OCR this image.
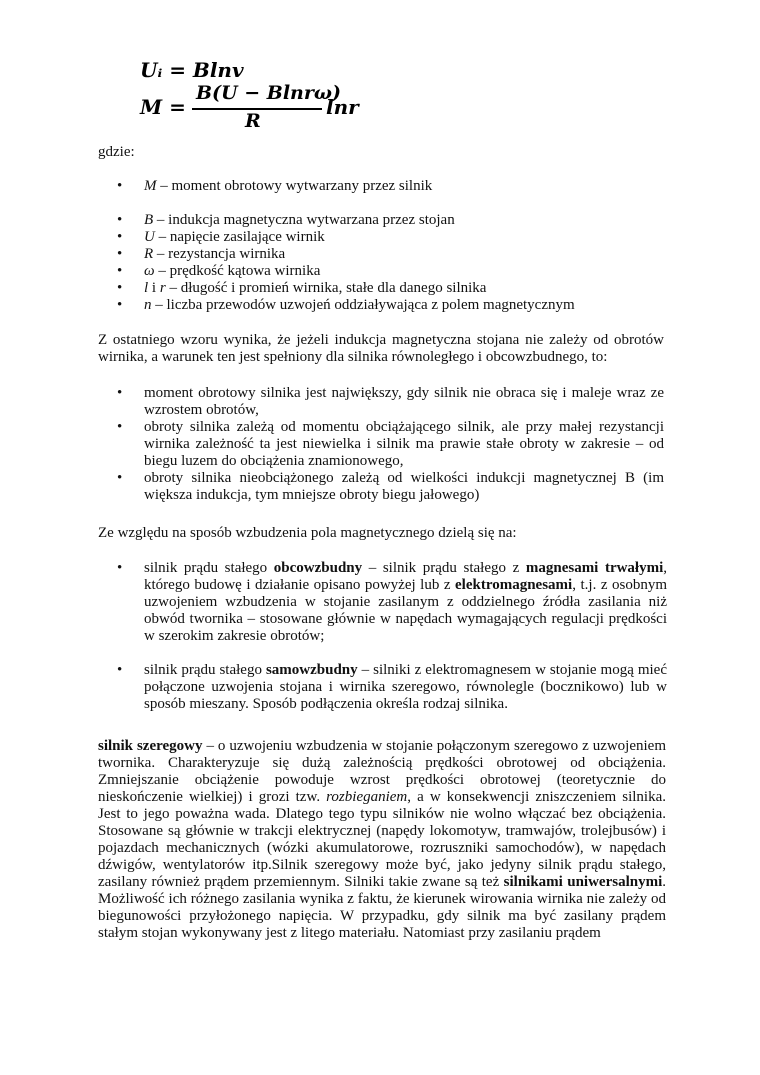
Uᵢ = Blnv
M =
B(U − Blnrω)
R
lnr
gdzie:
• M – moment obrotowy wytwarzany przez silnik
• B – indukcja magnetyczna wytwarzana przez stojan
• U – napięcie zasilające wirnik
• R – rezystancja wirnika
• ω – prędkość kątowa wirnika
• l i r – długość i promień wirnika, stałe dla danego silnika
• n – liczba przewodów uzwojeń oddziaływająca z polem magnetycznym
Z ostatniego wzoru wynika, że jeżeli indukcja magnetyczna stojana nie zależy od obrotów wirnika, a warunek ten jest spełniony dla silnika równoległego i obcowzbudnego, to:
• moment obrotowy silnika jest największy, gdy silnik nie obraca się i maleje wraz ze wzrostem obrotów,
• obroty silnika zależą od momentu obciążającego silnik, ale przy małej rezystancji wirnika zależność ta jest niewielka i silnik ma prawie stałe obroty w zakresie – od biegu luzem do obciążenia znamionowego,
• obroty silnika nieobciążonego zależą od wielkości indukcji magnetycznej B (im większa indukcja, tym mniejsze obroty biegu jałowego)
Ze względu na sposób wzbudzenia pola magnetycznego dzielą się na:
• silnik prądu stałego obcowzbudny – silnik prądu stałego z magnesami trwałymi, którego budowę i działanie opisano powyżej lub z elektromagnesami, t.j. z osobnym uzwojeniem wzbudzenia w stojanie zasilanym z oddzielnego źródła zasilania niż obwód twornika – stosowane głównie w napędach wymagających regulacji prędkości w szerokim zakresie obrotów;
• silnik prądu stałego samowzbudny – silniki z elektromagnesem w stojanie mogą mieć połączone uzwojenia stojana i wirnika szeregowo, równolegle (bocznikowo) lub w sposób mieszany. Sposób podłączenia określa rodzaj silnika.
silnik szeregowy – o uzwojeniu wzbudzenia w stojanie połączonym szeregowo z uzwojeniem twornika. Charakteryzuje się dużą zależnością prędkości obrotowej od obciążenia. Zmniejszanie obciążenie powoduje wzrost prędkości obrotowej (teoretycznie do nieskończenie wielkiej) i grozi tzw. rozbieganiem, a w konsekwencji zniszczeniem silnika. Jest to jego poważna wada. Dlatego tego typu silników nie wolno włączać bez obciążenia. Stosowane są głównie w trakcji elektrycznej (napędy lokomotyw, tramwajów, trolejbusów) i pojazdach mechanicznych (wózki akumulatorowe, rozruszniki samochodów), w napędach dźwigów, wentylatorów itp.Silnik szeregowy może być, jako jedyny silnik prądu stałego, zasilany również prądem przemiennym. Silniki takie zwane są też silnikami uniwersalnymi. Możliwość ich różnego zasilania wynika z faktu, że kierunek wirowania wirnika nie zależy od biegunowości przyłożonego napięcia. W przypadku, gdy silnik ma być zasilany prądem stałym stojan wykonywany jest z litego materiału. Natomiast przy zasilaniu prądem
